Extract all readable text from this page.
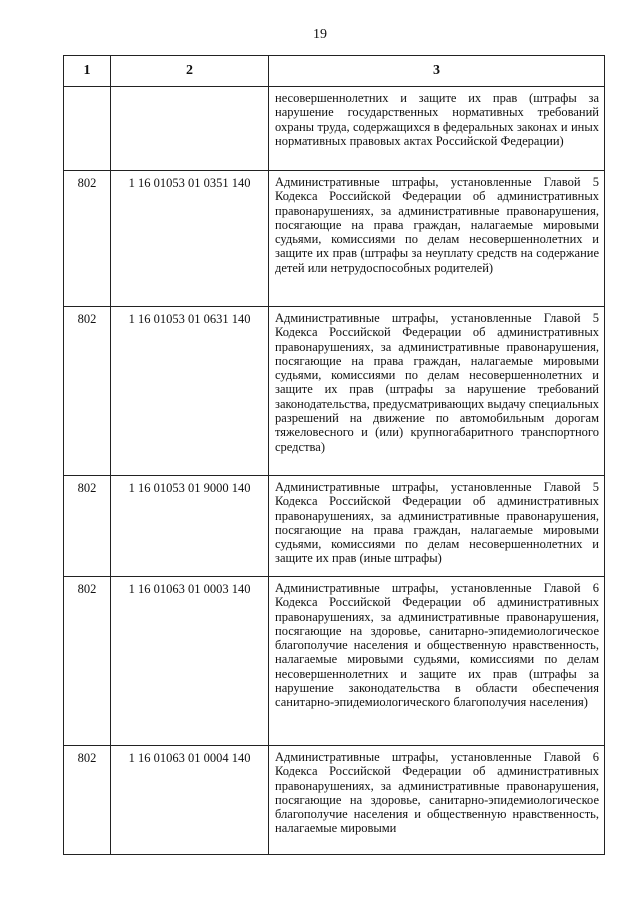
19
1	2	3
		несовершеннолетних и защите их прав (штрафы за нарушение государственных нормативных требований охраны труда, содержащихся в федеральных законах и иных нормативных правовых актах Российской Федерации)
802	1 16 01053 01 0351 140	Административные штрафы, установленные Главой 5 Кодекса Российской Федерации об административных правонарушениях, за административные правонарушения, посягающие на права граждан, налагаемые мировыми судьями, комиссиями по делам несовершеннолетних и защите их прав (штрафы за неуплату средств на содержание детей или нетрудоспособных родителей)
802	1 16 01053 01 0631 140	Административные штрафы, установленные Главой 5 Кодекса Российской Федерации об административных правонарушениях, за административные правонарушения, посягающие на права граждан, налагаемые мировыми судьями, комиссиями по делам несовершеннолетних и защите их прав (штрафы за нарушение требований законодательства, предусматривающих выдачу специальных разрешений на движение по автомобильным дорогам тяжеловесного и (или) крупногабаритного транспортного средства)
802	1 16 01053 01 9000 140	Административные штрафы, установленные Главой 5 Кодекса Российской Федерации об административных правонарушениях, за административные правонарушения, посягающие на права граждан, налагаемые мировыми судьями, комиссиями по делам несовершеннолетних и защите их прав (иные штрафы)
802	1 16 01063 01 0003 140	Административные штрафы, установленные Главой 6 Кодекса Российской Федерации об административных правонарушениях, за административные правонарушения, посягающие на здоровье, санитарно-эпидемиологическое благополучие населения и общественную нравственность, налагаемые мировыми судьями, комиссиями по делам несовершеннолетних и защите их прав (штрафы за нарушение законодательства в области обеспечения санитарно-эпидемиологического благополучия населения)
802	1 16 01063 01 0004 140	Административные штрафы, установленные Главой 6 Кодекса Российской Федерации об административных правонарушениях, за административные правонарушения, посягающие на здоровье, санитарно-эпидемиологическое благополучие населения и общественную нравственность, налагаемые мировыми
